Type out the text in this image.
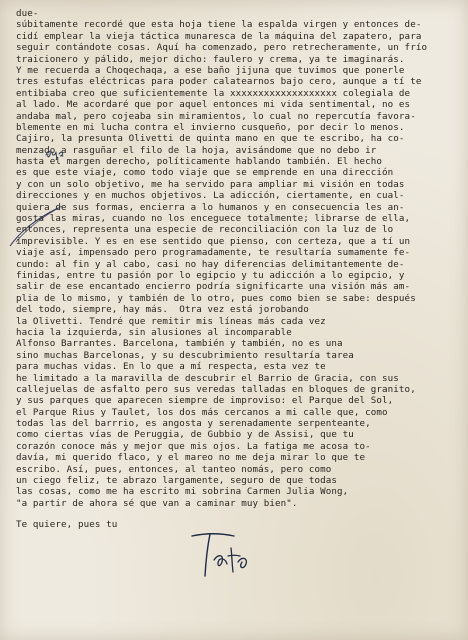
due-
súbitamente recordé que esta hoja tiene la espalda virgen y entonces de-
cidí emplear la vieja táctica munaresca de la máquina del zapatero, para
seguir contándote cosas. Aquí ha comenzado, pero retrecheramente, un frío
traicionero y pálido, mejor dicho: faulero y crema, ya te imaginarás.
Y me recuerda a Choqechaqa, a ese baño jijuna que tuvimos que ponerle
tres estufas eléctricas para poder calatearnos bajo cero, aunque a tí te
entibiaba creo que suficientemente la xxxxxxxxxxxxxxxxxxx colegiala de
al lado. Me acordaré que por aquel entonces mi vida sentimental, no es
andaba mal, pero cojeaba sin miramientos, lo cual no repercutía favora-
blemente en mi lucha contra el invierno cusqueño, por decir lo menos.
Cajiro, la presunta Olivetti de quinta mano en que te escribo, ha co-
menzado a rasguñar el filo de la hoja, avisándome que no debo ir
hasta el margen derecho, políticamente hablando también. El hecho
es que este viaje, como todo viaje que se emprende en una dirección
y con un solo objetivo, me ha servido para ampliar mi visión en todas
direcciones y en muchos objetivos. La adicción, ciertamente, en cual-
quiera de sus formas, encierra a lo humanos y en consecuencia les an-
gosta las miras, cuando no los enceguece totalmente; librarse de ella,
entonces, representa una especie de reconciliación con la luz de lo
imprevisible. Y es en ese sentido que pienso, con certeza, que a tí un
viaje así, impensado pero programadamente, te resultaría sumamente fe-
cundo: al fin y al cabo, casi no hay diferencias delimitantemente de-
finidas, entre tu pasión por lo egipcio y tu adicción a lo egipcio, y
salir de ese encantado encierro podría significarte una visión más am-
plia de lo mismo, y también de lo otro, pues como bien se sabe: después
del todo, siempre, hay más.  Otra vez está jorobando
la Olivetti. Tendré que remitir mis líneas más cada vez
hacia la izquierda, sin alusiones al incomparable
Alfonso Barrantes. Barcelona, también y también, no es una
sino muchas Barcelonas, y su descubrimiento resultaría tarea
para muchas vidas. En lo que a mí respecta, esta vez te
he limitado a la maravilla de descubrir el Barrio de Gracia, con sus
callejuelas de asfalto pero sus veredas talladas en bloques de granito,
y sus parques que aparecen siempre de improviso: el Parque del Sol,
el Parque Rius y Taulet, los dos más cercanos a mi calle que, como
todas las del barrrio, es angosta y serenadamente serpenteante,
como ciertas vías de Peruggia, de Gubbio y de Assisi, que tu
corazón conoce más y mejor que mis ojos. La fatiga me acosa to-
davía, mi querido flaco, y el mareo no me deja mirar lo que te
escribo. Así, pues, entonces, al tanteo nomás, pero como
un ciego feliz, te abrazo largamente, seguro de que todas
las cosas, como me ha escrito mi sobrina Carmen Julia Wong,
"a partir de ahora sé que van a caminar muy bien".
Te quiere, pues tu
